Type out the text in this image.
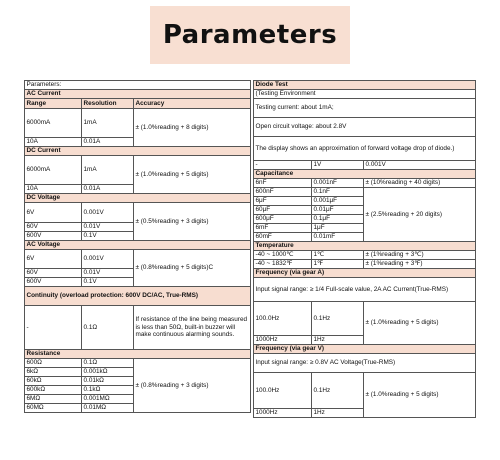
Parameters
Parameters:		
AC Current		
Range	Resolution	Accuracy
6000mA	1mA	± (1.0%reading + 8 digits)
10A	0.01A	
DC Current		
6000mA	1mA	± (1.0%reading + 5 digits)
10A	0.01A	
DC Voltage		
6V	0.001V	± (0.5%reading + 3 digits)
60V	0.01V	
600V	0.1V	
AC Voltage		
6V	0.001V	± (0.8%reading + 5 digits)C
60V	0.01V	
600V	0.1V	
Continuity (overload protection: 600V DC/AC, True-RMS)		
-	0.1Ω	If resistance of the line being measured is less than 50Ω, built-in buzzer will make continuous alarming sounds.
Resistance		
600Ω	0.1Ω	± (0.8%reading + 3 digits)
6kΩ	0.001kΩ	
60kΩ	0.01kΩ	
600kΩ	0.1kΩ	
6MΩ	0.001MΩ	
60MΩ	0.01MΩ	
Diode Test		
(Testing Environment		
Testing current: about 1mA;		
Open circuit voltage: about 2.8V		
The display shows an approximation of forward voltage drop of diode.)		
-	1V	0.001V
Capacitance		
6nF	0.001nF	± (10%reading + 40 digits)
600nF	0.1nF	± (2.5%reading + 20 digits)
6μF	0.001μF	
60μF	0.01μF	
600μF	0.1μF	
6mF	1μF	
60mF	0.01mF	
Temperature		
-40 ~ 1000℃	1℃	± (1%reading + 3℃)
-40 ~ 1832℉	1℉	± (1%reading + 3℉)
Frequency (via gear A)		
Input signal range: ≥ 1/4 Full-scale value, 2A AC Current(True-RMS)		
100.0Hz	0.1Hz	± (1.0%reading + 5 digits)
1000Hz	1Hz	
Frequency (via gear V)		
Input signal range: ≥ 0.8V AC Voltage(True-RMS)		
100.0Hz	0.1Hz	± (1.0%reading + 5 digits)
1000Hz	1Hz	
